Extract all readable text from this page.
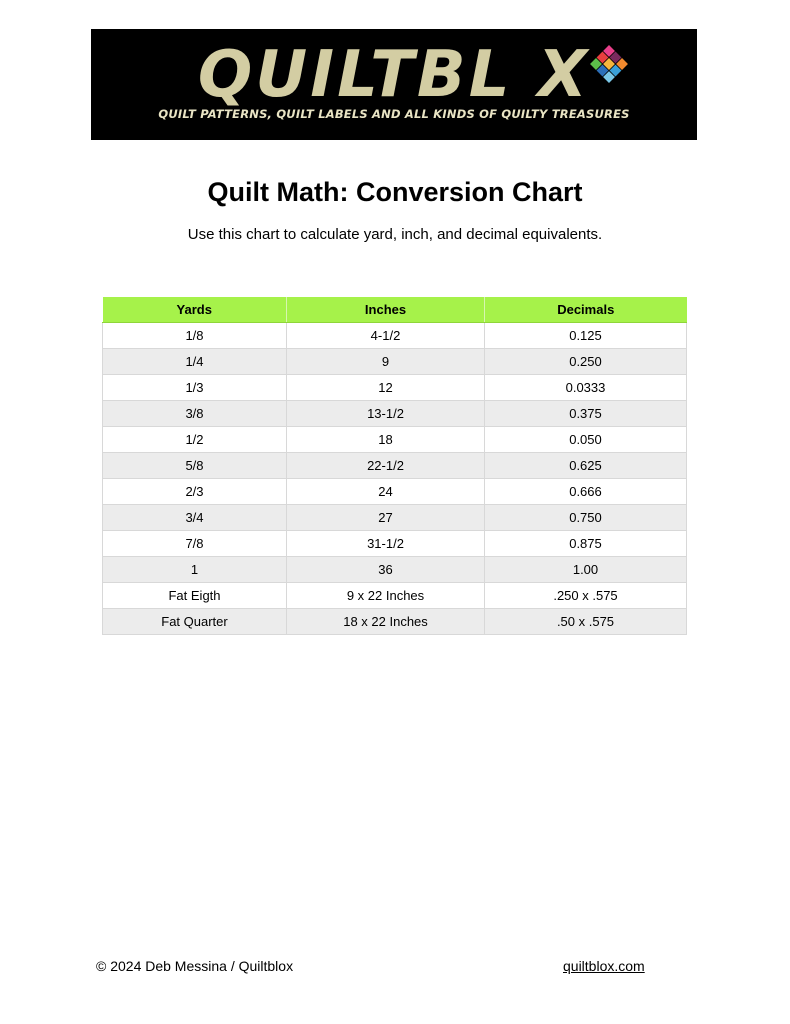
QUILTBL X
QUILT PATTERNS, QUILT LABELS AND ALL KINDS OF QUILTY TREASURES
Quilt Math: Conversion Chart

Use this chart to calculate yard, inch, and decimal equivalents.

Yards	Inches	Decimals
1/8	4-1/2	0.125
1/4	9	0.250
1/3	12	0.0333
3/8	13-1/2	0.375
1/2	18	0.050
5/8	22-1/2	0.625
2/3	24	0.666
3/4	27	0.750
7/8	31-1/2	0.875
1	36	1.00
Fat Eigth	9 x 22 Inches	.250 x .575
Fat Quarter	18 x 22 Inches	.50 x .575
© 2024 Deb Messina / Quiltblox	quiltblox.com
